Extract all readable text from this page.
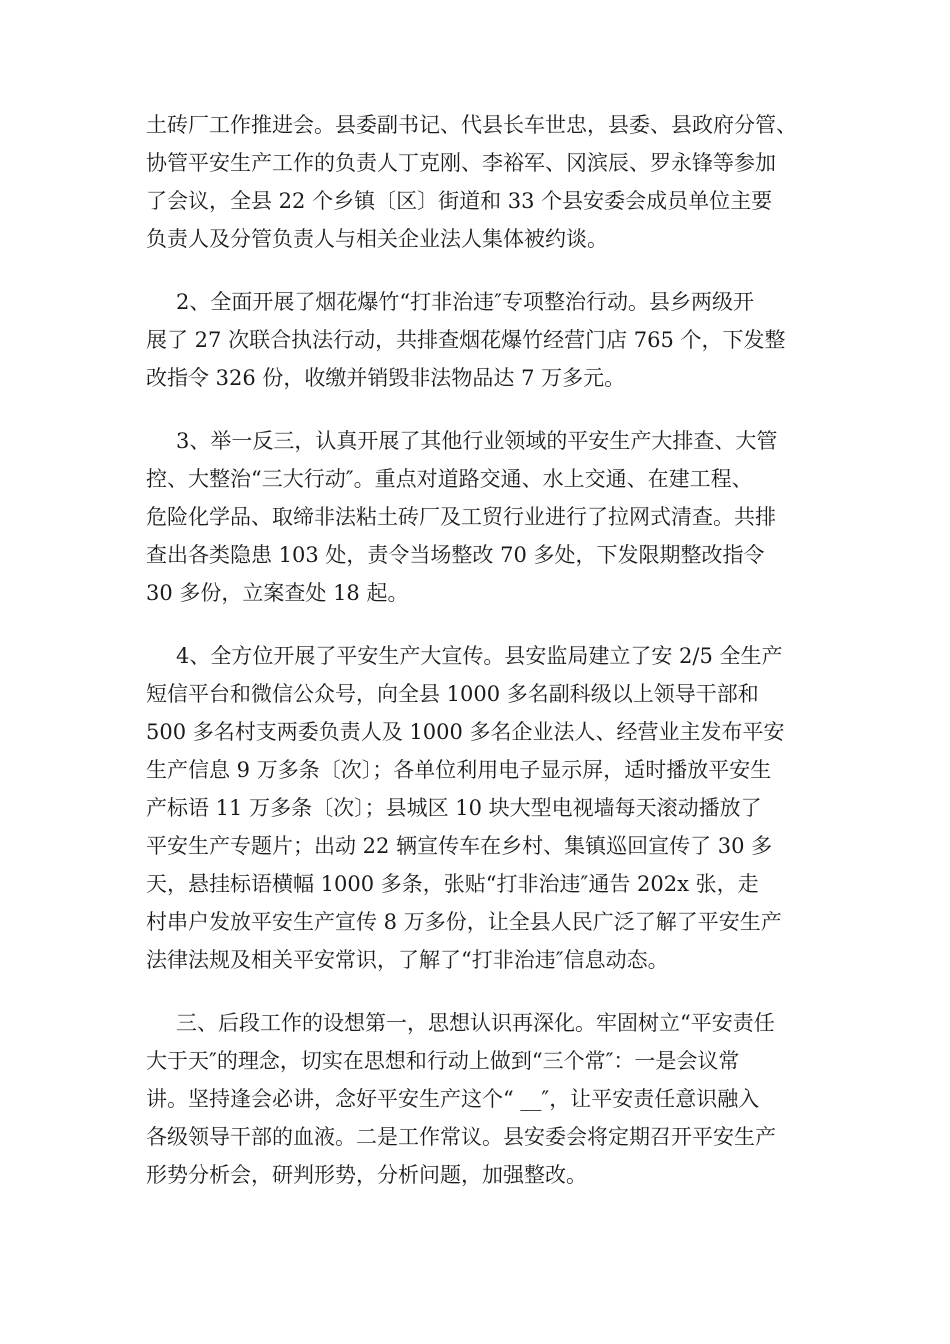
土砖厂工作推进会。县委副书记、代县长车世忠，县委、县政府分管、
协管平安生产工作的负责人丁克刚、李裕军、冈滨辰、罗永锋等参加
了会议，全县 22 个乡镇〔区〕街道和 33 个县安委会成员单位主要
负责人及分管负责人与相关企业法人集体被约谈。

2、全面开展了烟花爆竹“打非治违″专项整治行动。县乡两级开
展了 27 次联合执法行动，共排查烟花爆竹经营门店 765 个，下发整
改指令 326 份，收缴并销毁非法物品达 7 万多元。

3、举一反三，认真开展了其他行业领域的平安生产大排查、大管
控、大整治“三大行动″。重点对道路交通、水上交通、在建工程、
危险化学品、取缔非法粘土砖厂及工贸行业进行了拉网式清查。共排
查出各类隐患 103 处，责令当场整改 70 多处，下发限期整改指令
30 多份，立案查处 18 起。

4、全方位开展了平安生产大宣传。县安监局建立了安 2/5 全生产
短信平台和微信公众号，向全县 1000 多名副科级以上领导干部和
500 多名村支两委负责人及 1000 多名企业法人、经营业主发布平安
生产信息 9 万多条〔次〕；各单位利用电子显示屏，适时播放平安生
产标语 11 万多条〔次〕；县城区 10 块大型电视墙每天滚动播放了
平安生产专题片；出动 22 辆宣传车在乡村、集镇巡回宣传了 30 多
天，悬挂标语横幅 1000 多条，张贴“打非治违″通告 202x 张，走
村串户发放平安生产宣传 8 万多份，让全县人民广泛了解了平安生产
法律法规及相关平安常识，了解了“打非治违″信息动态。

三、后段工作的设想第一，思想认识再深化。牢固树立“平安责任
大于天″的理念，切实在思想和行动上做到“三个常″：一是会议常
讲。坚持逢会必讲，念好平安生产这个“ __″，让平安责任意识融入
各级领导干部的血液。二是工作常议。县安委会将定期召开平安生产
形势分析会，研判形势，分析问题，加强整改。
